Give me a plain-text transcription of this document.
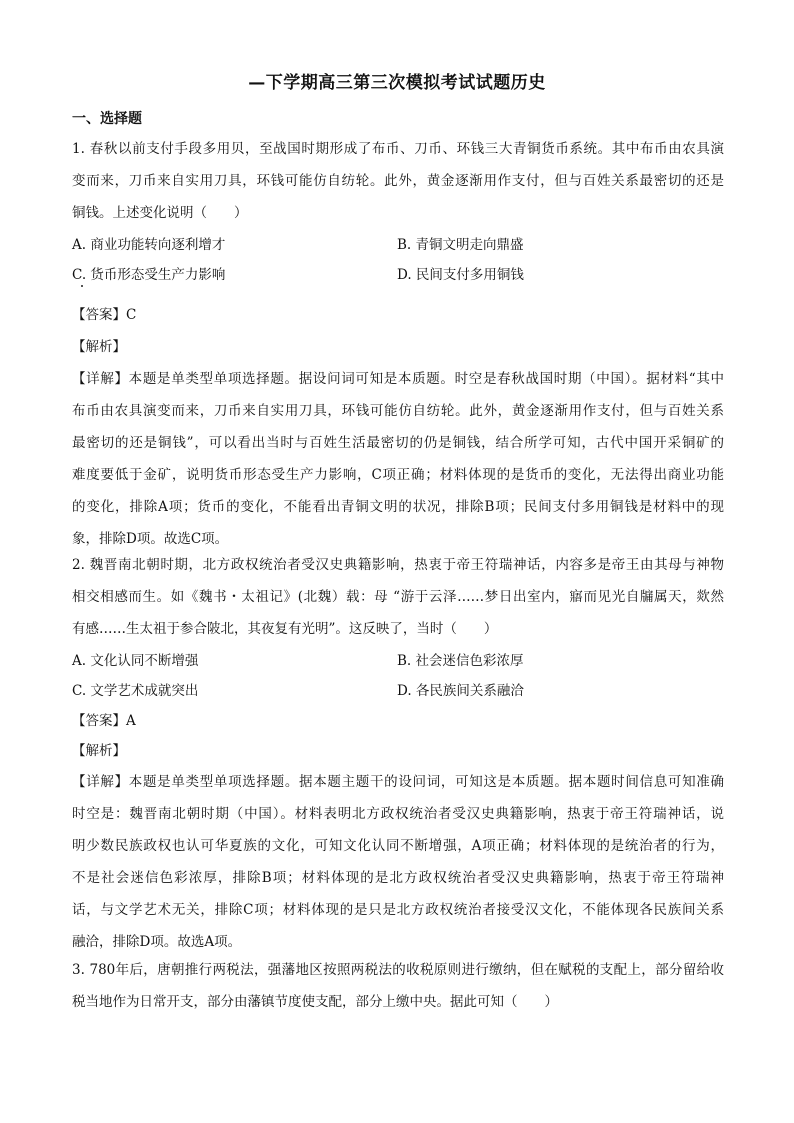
—下学期高三第三次模拟考试试题历史
一、选择题
1. 春秋以前支付手段多用贝，至战国时期形成了布币、刀币、环钱三大青铜货币系统。其中布币由农具演
变而来，刀币来自实用刀具，环钱可能仿自纺轮。此外，黄金逐渐用作支付，但与百姓关系最密切的还是
铜钱。上述变化说明（　　）
A. 商业功能转向逐利增才	B. 青铜文明走向鼎盛
C. 货币形态受生产力影响	D. 民间支付多用铜钱
【答案】C
【解析】
【详解】本题是单类型单项选择题。据设问词可知是本质题。时空是春秋战国时期（中国）。据材料“其中
布币由农具演变而来，刀币来自实用刀具，环钱可能仿自纺轮。此外，黄金逐渐用作支付，但与百姓关系
最密切的还是铜钱”，可以看出当时与百姓生活最密切的仍是铜钱，结合所学可知，古代中国开采铜矿的
难度要低于金矿，说明货币形态受生产力影响，C项正确；材料体现的是货币的变化，无法得出商业功能
的变化，排除A项；货币的变化，不能看出青铜文明的状况，排除B项；民间支付多用铜钱是材料中的现
象，排除D项。故选C项。
2. 魏晋南北朝时期，北方政权统治者受汉史典籍影响，热衷于帝王符瑞神话，内容多是帝王由其母与神物
相交相感而生。如《魏书・太祖记》(北魏）载：母 “游于云泽……梦日出室内，寤而见光自牖属天，欻然
有感……生太祖于参合陂北，其夜复有光明”。这反映了，当时（　　）
A. 文化认同不断增强	B. 社会迷信色彩浓厚
C. 文学艺术成就突出	D. 各民族间关系融洽
【答案】A
【解析】
【详解】本题是单类型单项选择题。据本题主题干的设问词，可知这是本质题。据本题时间信息可知准确
时空是：魏晋南北朝时期（中国）。材料表明北方政权统治者受汉史典籍影响，热衷于帝王符瑞神话，说
明少数民族政权也认可华夏族的文化，可知文化认同不断增强，A项正确；材料体现的是统治者的行为，
不是社会迷信色彩浓厚，排除B项；材料体现的是北方政权统治者受汉史典籍影响，热衷于帝王符瑞神
话，与文学艺术无关，排除C项；材料体现的是只是北方政权统治者接受汉文化，不能体现各民族间关系
融洽，排除D项。故选A项。
3. 780年后，唐朝推行两税法，强藩地区按照两税法的收税原则进行缴纳，但在赋税的支配上，部分留给收
税当地作为日常开支，部分由藩镇节度使支配，部分上缴中央。据此可知（　　）
